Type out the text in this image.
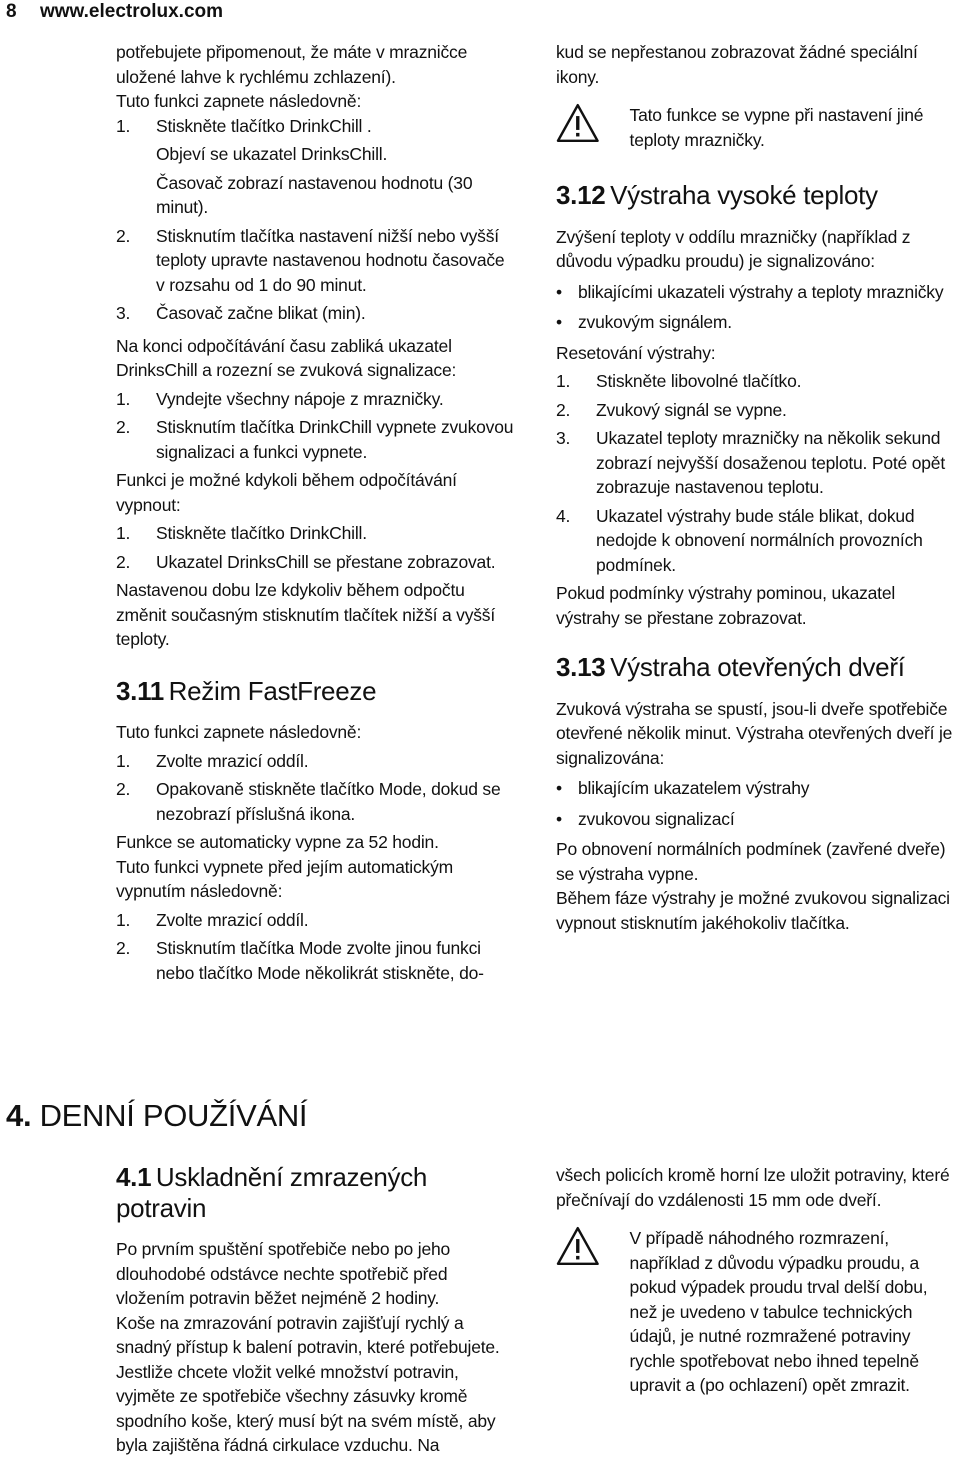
8 www.electrolux.com

potřebujete připomenout, že máte v mrazničce uložené lahve k rychlému zchlazení).

Tuto funkci zapnete následovně:

1.	Stiskněte tlačítko DrinkChill .
Objeví se ukazatel DrinksChill.
Časovač zobrazí nastavenou hodnotu (30 minut).
2.	Stisknutím tlačítka nastavení nižší nebo vyšší teploty upravte nastavenou hodnotu časovače v rozsahu od 1 do 90 minut.
3.	Časovač začne blikat (min).

Na konci odpočítávání času zabliká ukazatel DrinksChill a rozezní se zvuková signalizace:

1.	Vyndejte všechny nápoje z mrazničky.
2.	Stisknutím tlačítka DrinkChill vypnete zvukovou signalizaci a funkci vypnete.

Funkci je možné kdykoli během odpočítávání vypnout:

1.	Stiskněte tlačítko DrinkChill.
2.	Ukazatel DrinksChill se přestane zobrazovat.

Nastavenou dobu lze kdykoliv během odpočtu změnit současným stisknutím tlačítek nižší a vyšší teploty.

3.11 Režim FastFreeze

Tuto funkci zapnete následovně:

1.	Zvolte mrazicí oddíl.
2.	Opakovaně stiskněte tlačítko Mode, dokud se nezobrazí příslušná ikona.

Funkce se automaticky vypne za 52 hodin.

Tuto funkci vypnete před jejím automatickým vypnutím následovně:

1.	Zvolte mrazicí oddíl.
2.	Stisknutím tlačítka Mode zvolte jinou funkci nebo tlačítko Mode několikrát stiskněte, do-

kud se nepřestanou zobrazovat žádné speciální ikony.

Tato funkce se vypne při nastavení jiné teploty mrazničky.
3.12 Výstraha vysoké teploty

Zvýšení teploty v oddílu mrazničky (například z důvodu výpadku proudu) je signalizováno:

• blikajícími ukazateli výstrahy a teploty mrazničky
• zvukovým signálem.

Resetování výstrahy:

1.	Stiskněte libovolné tlačítko.
2.	Zvukový signál se vypne.
3.	Ukazatel teploty mrazničky na několik sekund zobrazí nejvyšší dosaženou teplotu. Poté opět zobrazuje nastavenou teplotu.
4.	Ukazatel výstrahy bude stále blikat, dokud nedojde k obnovení normálních provozních podmínek.

Pokud podmínky výstrahy pominou, ukazatel výstrahy se přestane zobrazovat.

3.13 Výstraha otevřených dveří

Zvuková výstraha se spustí, jsou-li dveře spotřebiče otevřené několik minut. Výstraha otevřených dveří je signalizována:

• blikajícím ukazatelem výstrahy
• zvukovou signalizací

Po obnovení normálních podmínek (zavřené dveře) se výstraha vypne.

Během fáze výstrahy je možné zvukovou signalizaci vypnout stisknutím jakéhokoliv tlačítka.

4. DENNÍ POUŽÍVÁNÍ
4.1 Uskladnění zmrazených potravin

Po prvním spuštění spotřebiče nebo po jeho dlouhodobé odstávce nechte spotřebič před vložením potravin běžet nejméně 2 hodiny.

Koše na zmrazování potravin zajišťují rychlý a snadný přístup k balení potravin, které potřebujete. Jestliže chcete vložit velké množství potravin, vyjměte ze spotřebiče všechny zásuvky kromě spodního koše, který musí být na svém místě, aby byla zajištěna řádná cirkulace vzduchu. Na

všech policích kromě horní lze uložit potraviny, které přečnívají do vzdálenosti 15 mm ode dveří.

V případě náhodného rozmrazení, například z důvodu výpadku proudu, a pokud výpadek proudu trval delší dobu, než je uvedeno v tabulce technických údajů, je nutné rozmražené potraviny rychle spotřebovat nebo ihned tepelně upravit a (po ochlazení) opět zmrazit.
